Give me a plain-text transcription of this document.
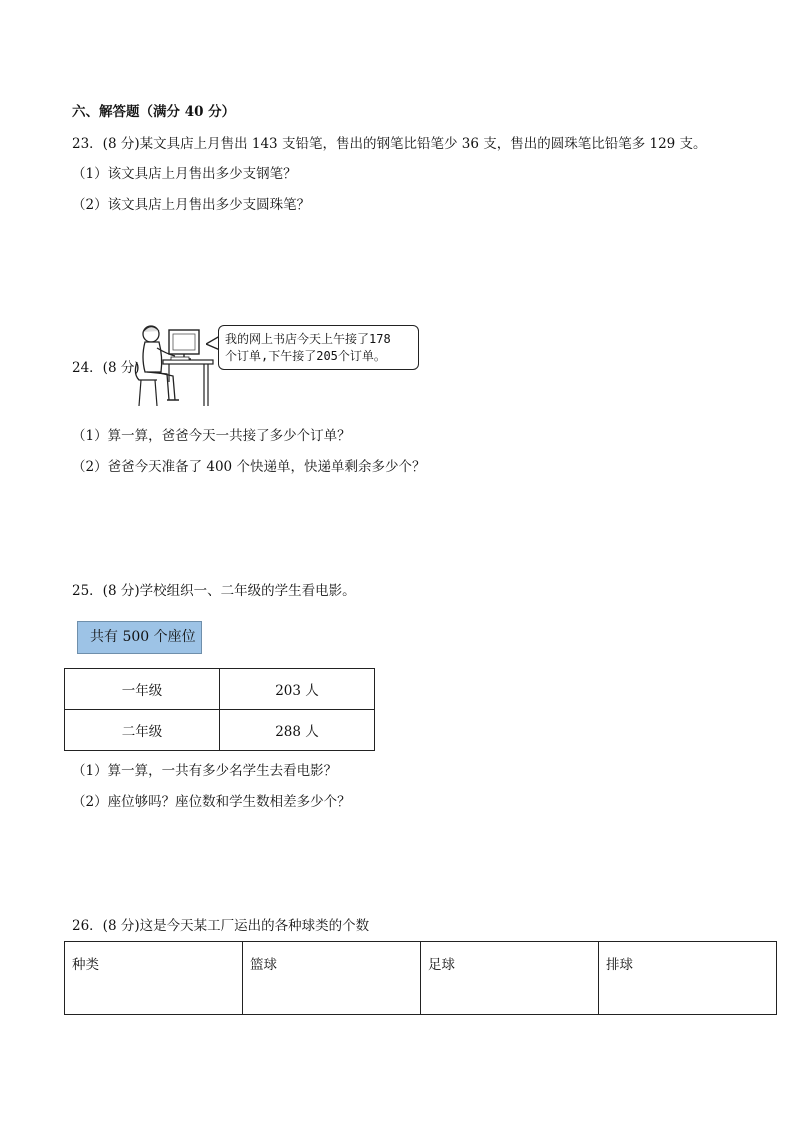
六、解答题（满分 40 分）
23．(8 分)某文具店上月售出 143 支铅笔，售出的钢笔比铅笔少 36 支，售出的圆珠笔比铅笔多 129 支。
（1）该文具店上月售出多少支钢笔？
（2）该文具店上月售出多少支圆珠笔？
24．(8 分)
我的网上书店今天上午接了178
个订单,下午接了205个订单。
（1）算一算，爸爸今天一共接了多少个订单？
（2）爸爸今天准备了 400 个快递单，快递单剩余多少个？
25．(8 分)学校组织一、二年级的学生看电影。
共有 500 个座位
一年级	203 人
二年级	288 人
（1）算一算，一共有多少名学生去看电影？
（2）座位够吗？座位数和学生数相差多少个？
26．(8 分)这是今天某工厂运出的各种球类的个数
种类	篮球	足球	排球
